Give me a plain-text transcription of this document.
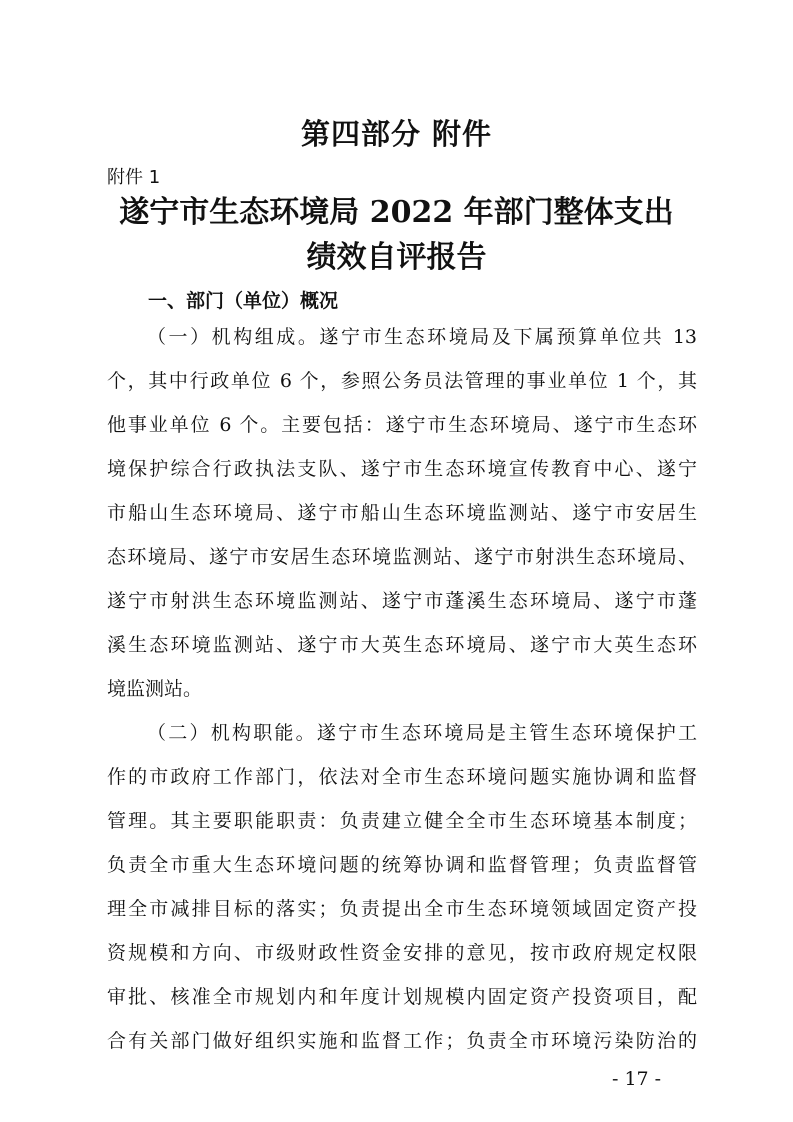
第四部分 附件

附件 1

遂宁市生态环境局 2022 年部门整体支出
绩效自评报告
一、部门（单位）概况

（一）机构组成。遂宁市生态环境局及下属预算单位共 13

个，其中行政单位 6 个，参照公务员法管理的事业单位 1 个，其

他事业单位 6 个。主要包括：遂宁市生态环境局、遂宁市生态环

境保护综合行政执法支队、遂宁市生态环境宣传教育中心、遂宁

市船山生态环境局、遂宁市船山生态环境监测站、遂宁市安居生

态环境局、遂宁市安居生态环境监测站、遂宁市射洪生态环境局、

遂宁市射洪生态环境监测站、遂宁市蓬溪生态环境局、遂宁市蓬

溪生态环境监测站、遂宁市大英生态环境局、遂宁市大英生态环

境监测站。

（二）机构职能。遂宁市生态环境局是主管生态环境保护工

作的市政府工作部门，依法对全市生态环境问题实施协调和监督

管理。其主要职能职责：负责建立健全全市生态环境基本制度；

负责全市重大生态环境问题的统筹协调和监督管理；负责监督管

理全市减排目标的落实；负责提出全市生态环境领域固定资产投

资规模和方向、市级财政性资金安排的意见，按市政府规定权限

审批、核准全市规划内和年度计划规模内固定资产投资项目，配

合有关部门做好组织实施和监督工作；负责全市环境污染防治的

- 17 -
